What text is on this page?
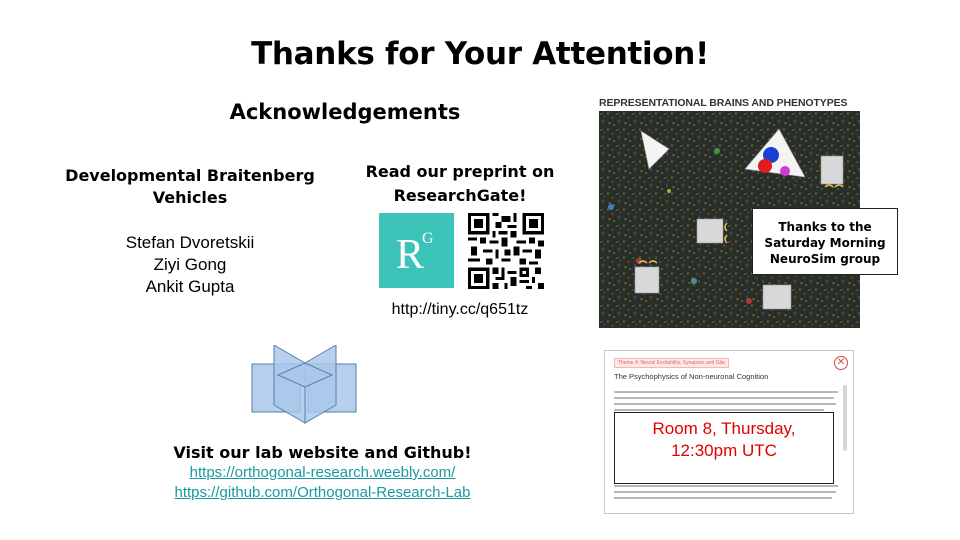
Thanks for Your Attention!
Acknowledgements
Developmental Braitenberg
Vehicles
Stefan Dvoretskii
Ziyi Gong
Ankit Gupta
Read our preprint on
ResearchGate!
R
G
http://tiny.cc/q651tz
Visit our lab website and Github!
https://orthogonal-research.weebly.com/
https://github.com/Orthogonal-Research-Lab
REPRESENTATIONAL BRAINS AND PHENOTYPES
Thanks to the
Saturday Morning
NeuroSim group
Theme 4: Neural Excitability, Synapses and Glia	✕
The Psychophysics of Non-neuronal Cognition
Room 8, Thursday,
12:30pm UTC
